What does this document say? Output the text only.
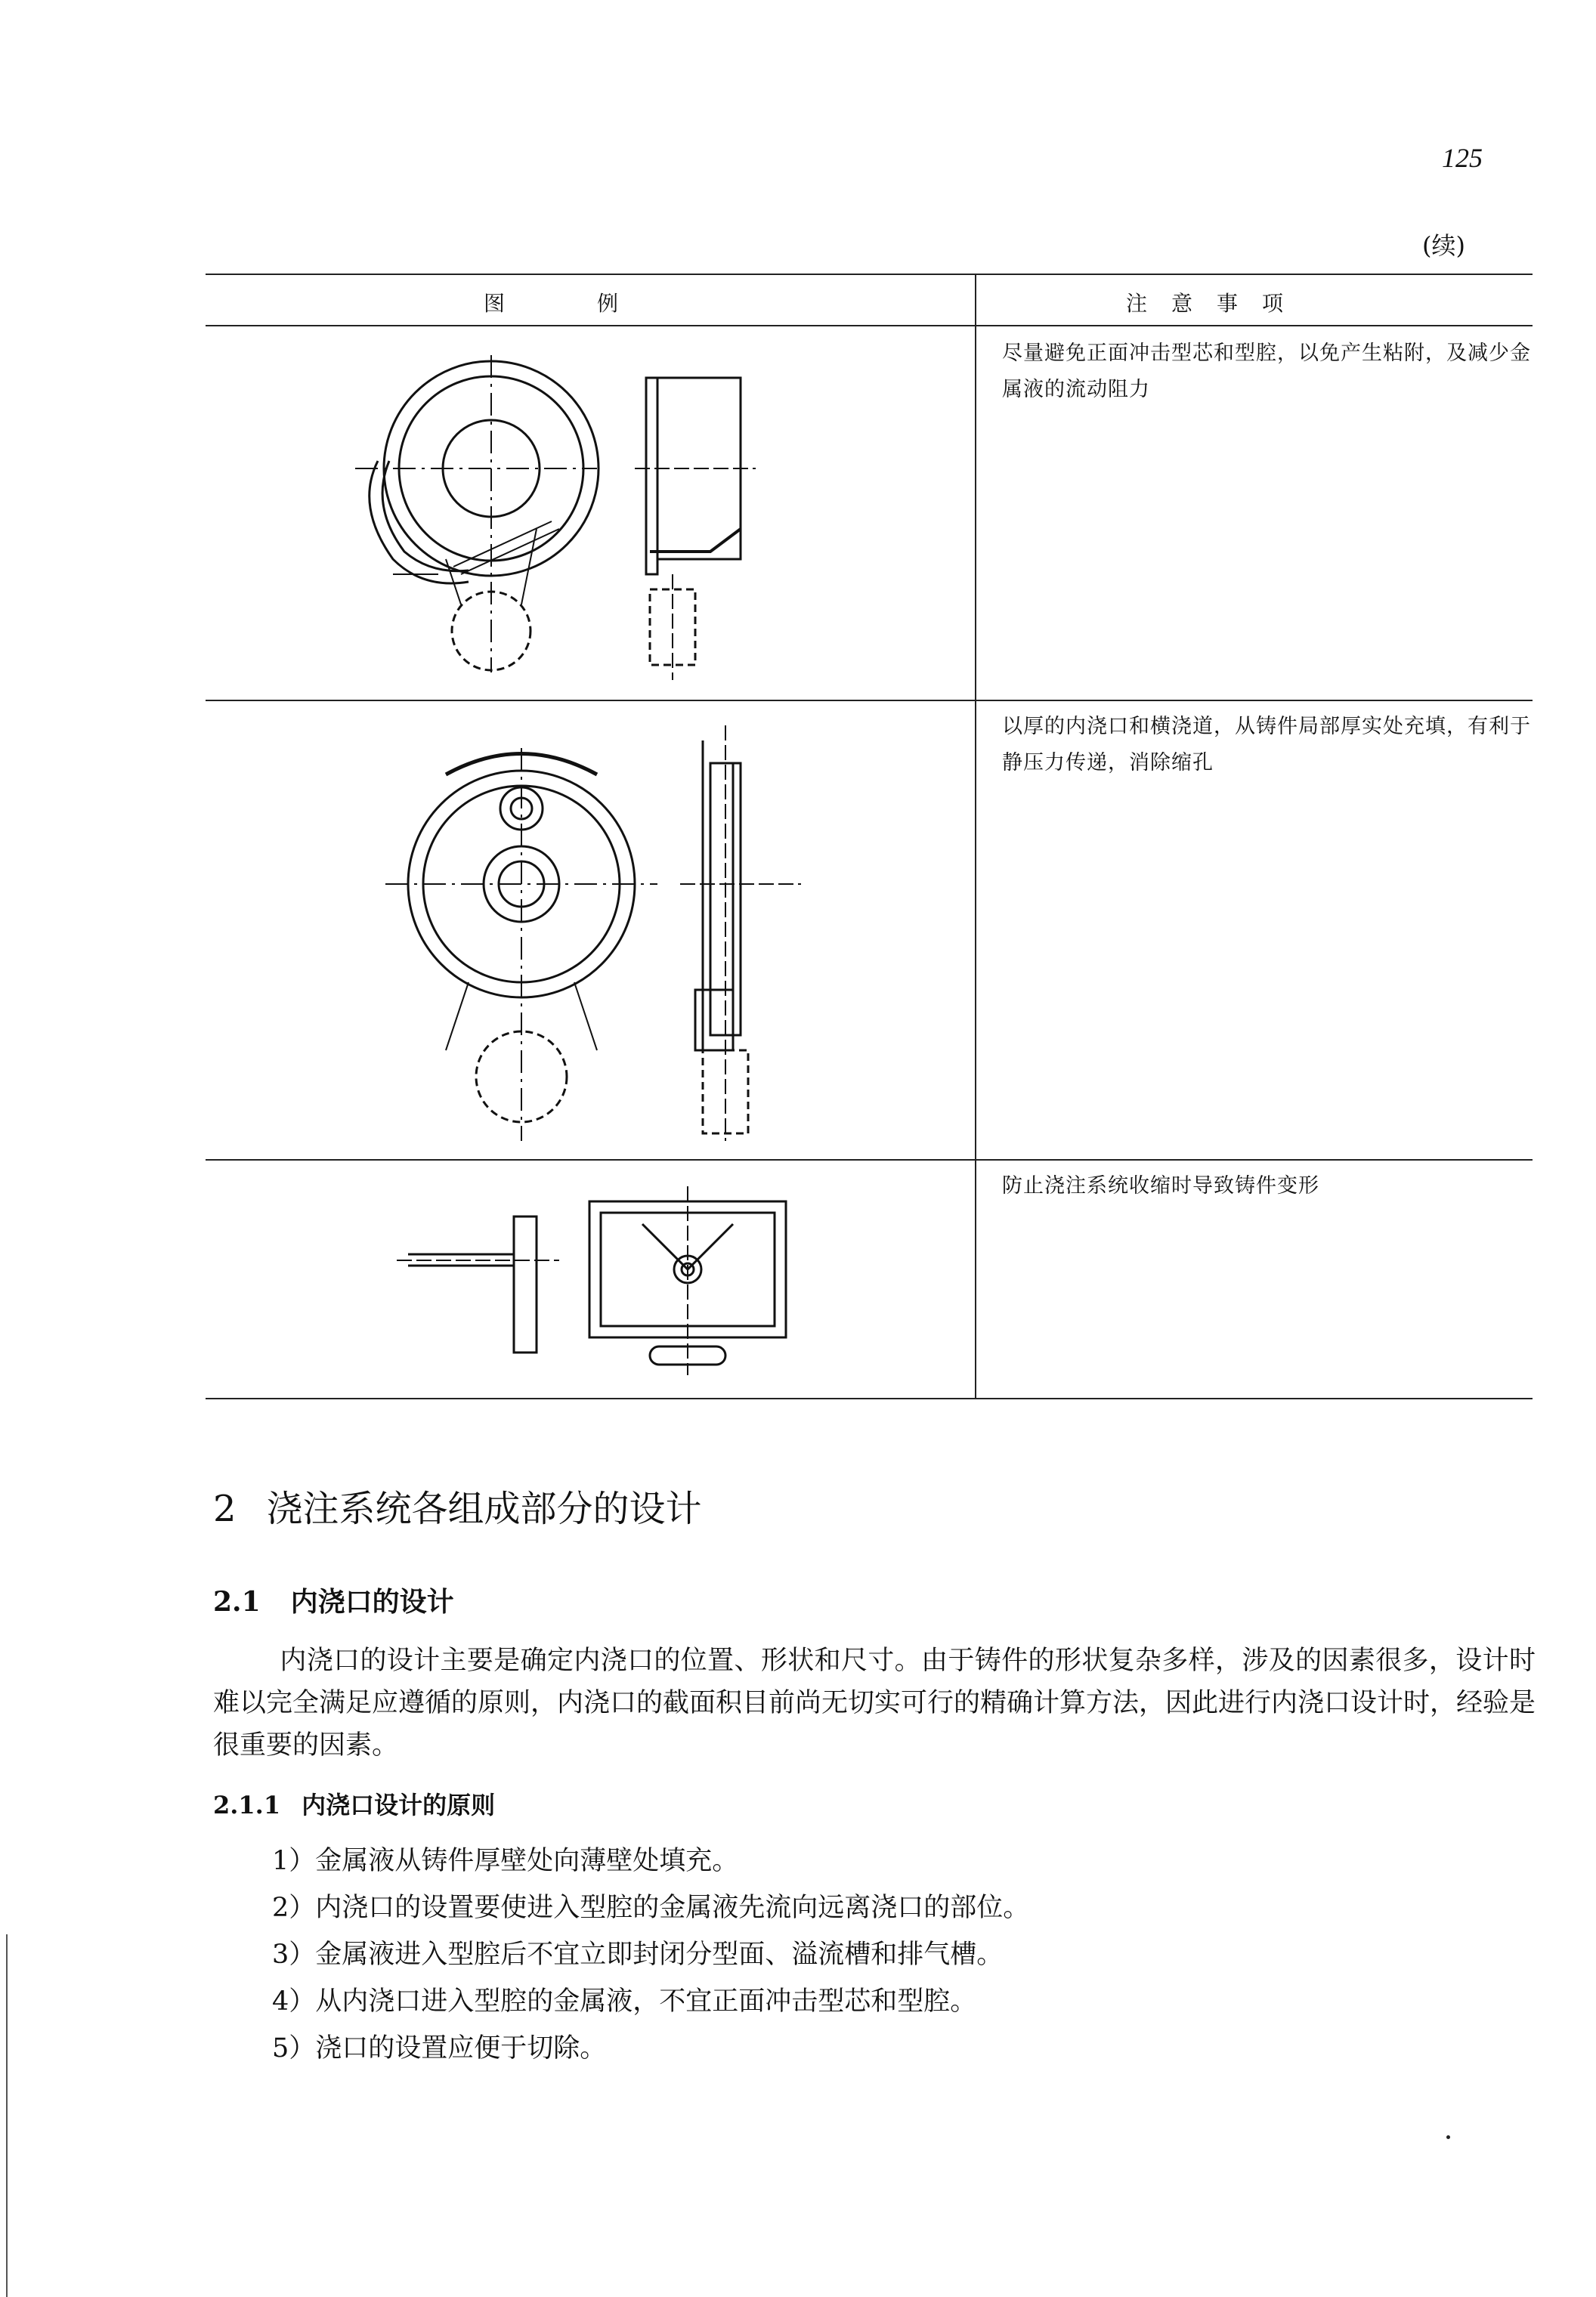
125
(续)
图　　　　例	注　意　事　项
尽量避免正面冲击型芯和型腔，以免产生粘附，及减少金属液的流动阻力
以厚的内浇口和横浇道，从铸件局部厚实处充填，有利于静压力传递，消除缩孔
防止浇注系统收缩时导致铸件变形
2 浇注系统各组成部分的设计
2.1 内浇口的设计
内浇口的设计主要是确定内浇口的位置、形状和尺寸。由于铸件的形状复杂多样，涉及的因素很多，设计时难以完全满足应遵循的原则，内浇口的截面积目前尚无切实可行的精确计算方法，因此进行内浇口设计时，经验是很重要的因素。
2.1.1 内浇口设计的原则
1）金属液从铸件厚壁处向薄壁处填充。
2）内浇口的设置要使进入型腔的金属液先流向远离浇口的部位。
3）金属液进入型腔后不宜立即封闭分型面、溢流槽和排气槽。
4）从内浇口进入型腔的金属液，不宜正面冲击型芯和型腔。
5）浇口的设置应便于切除。
